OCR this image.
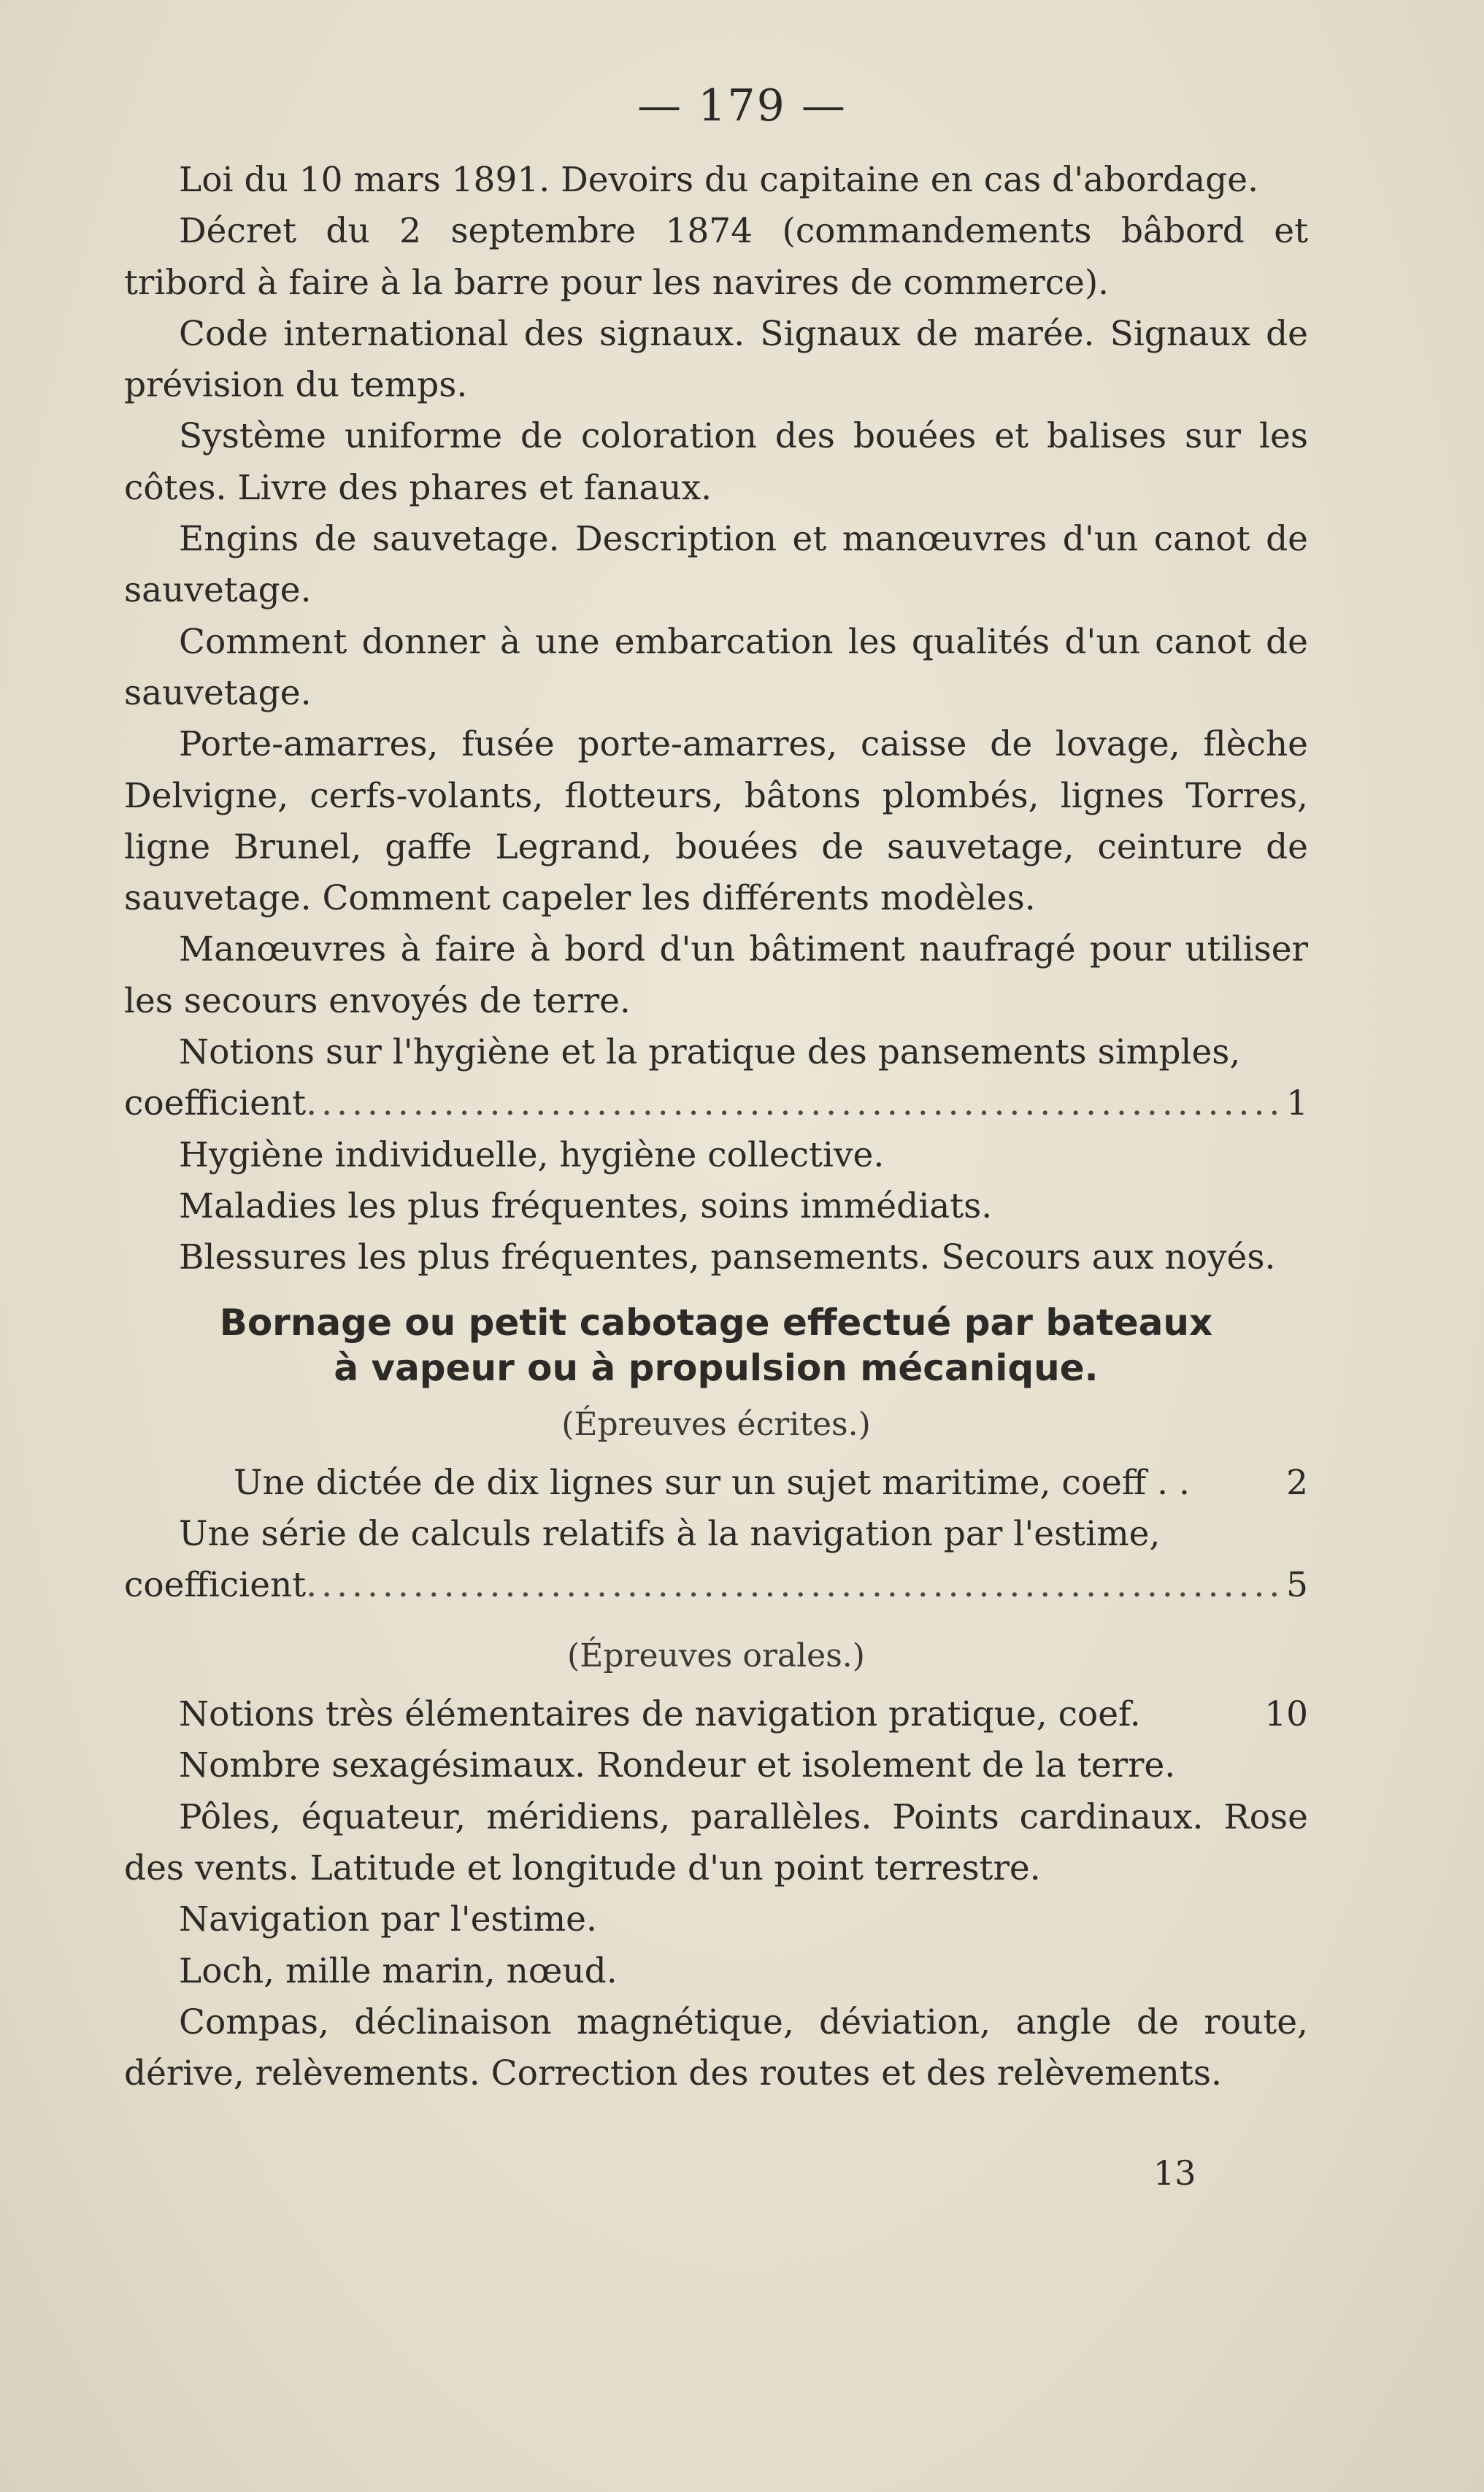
— 179 —

Loi du 10 mars 1891. Devoirs du capitaine en cas d'abordage.

Décret du 2 septembre 1874 (commandements bâbord et tribord à faire à la barre pour les navires de commerce).

Code international des signaux. Signaux de marée. Signaux de prévision du temps.

Système uniforme de coloration des bouées et balises sur les côtes. Livre des phares et fanaux.

Engins de sauvetage. Description et manœuvres d'un canot de sauvetage.

Comment donner à une embarcation les qualités d'un canot de sauvetage.

Porte-amarres, fusée porte-amarres, caisse de lovage, flèche Delvigne, cerfs-volants, flotteurs, bâtons plombés, lignes Torres, ligne Brunel, gaffe Legrand, bouées de sauvetage, ceinture de sauvetage. Comment capeler les différents modèles.

Manœuvres à faire à bord d'un bâtiment naufragé pour utiliser les secours envoyés de terre.

Notions sur l'hygiène et la pratique des pansements simples,

coefficient .....	1

Hygiène individuelle, hygiène collective.

Maladies les plus fréquentes, soins immédiats.

Blessures les plus fréquentes, pansements. Secours aux noyés.

Bornage ou petit cabotage effectué par bateaux
à vapeur ou à propulsion mécanique.
(Épreuves écrites.)
Une dictée de dix lignes sur un sujet maritime, coeff . .	2

Une série de calculs relatifs à la navigation par l'estime,

coefficient .....	5
(Épreuves orales.)
Notions très élémentaires de navigation pratique, coef.	10

Nombre sexagésimaux. Rondeur et isolement de la terre.

Pôles, équateur, méridiens, parallèles. Points cardinaux. Rose des vents. Latitude et longitude d'un point terrestre.

Navigation par l'estime.

Loch, mille marin, nœud.

Compas, déclinaison magnétique, déviation, angle de route, dérive, relèvements. Correction des routes et des relèvements.

13
